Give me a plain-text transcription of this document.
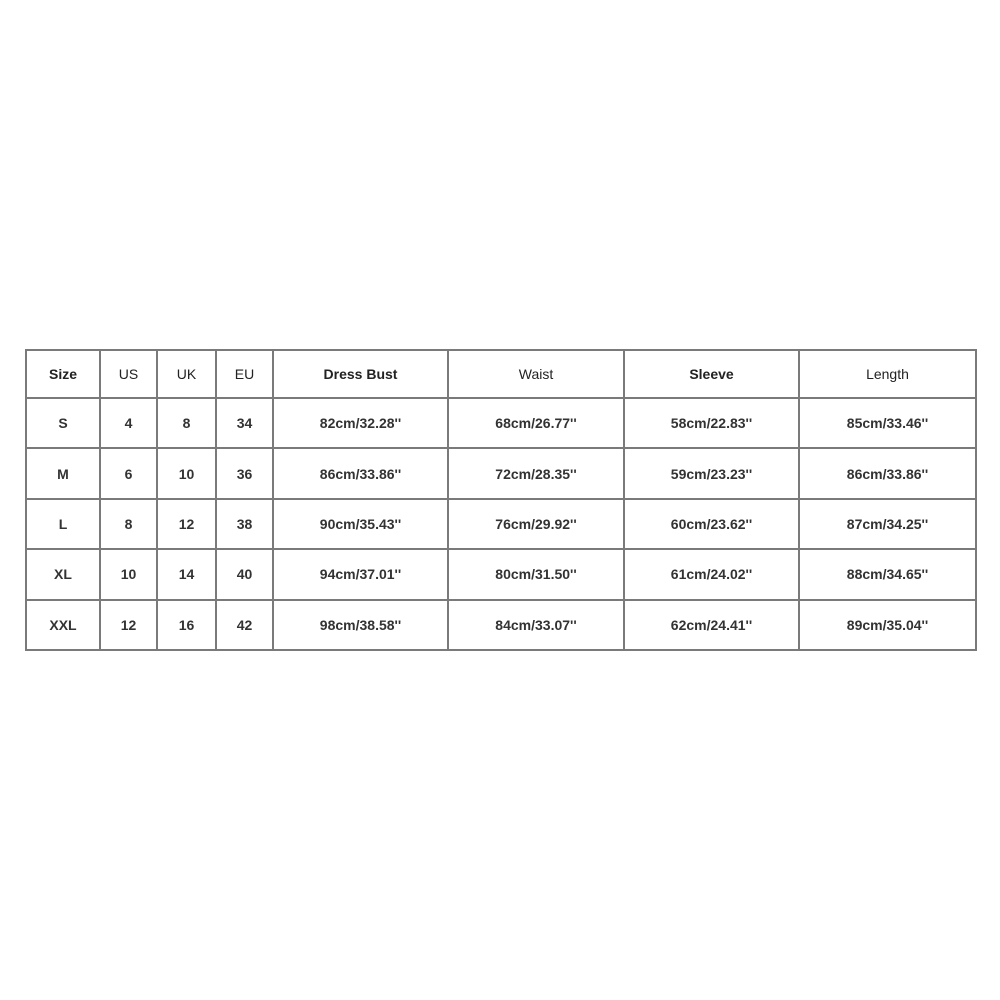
Size	US	UK	EU	Dress Bust	Waist	Sleeve	Length
S	4	8	34	82cm/32.28''	68cm/26.77''	58cm/22.83''	85cm/33.46''
M	6	10	36	86cm/33.86''	72cm/28.35''	59cm/23.23''	86cm/33.86''
L	8	12	38	90cm/35.43''	76cm/29.92''	60cm/23.62''	87cm/34.25''
XL	10	14	40	94cm/37.01''	80cm/31.50''	61cm/24.02''	88cm/34.65''
XXL	12	16	42	98cm/38.58''	84cm/33.07''	62cm/24.41''	89cm/35.04''
